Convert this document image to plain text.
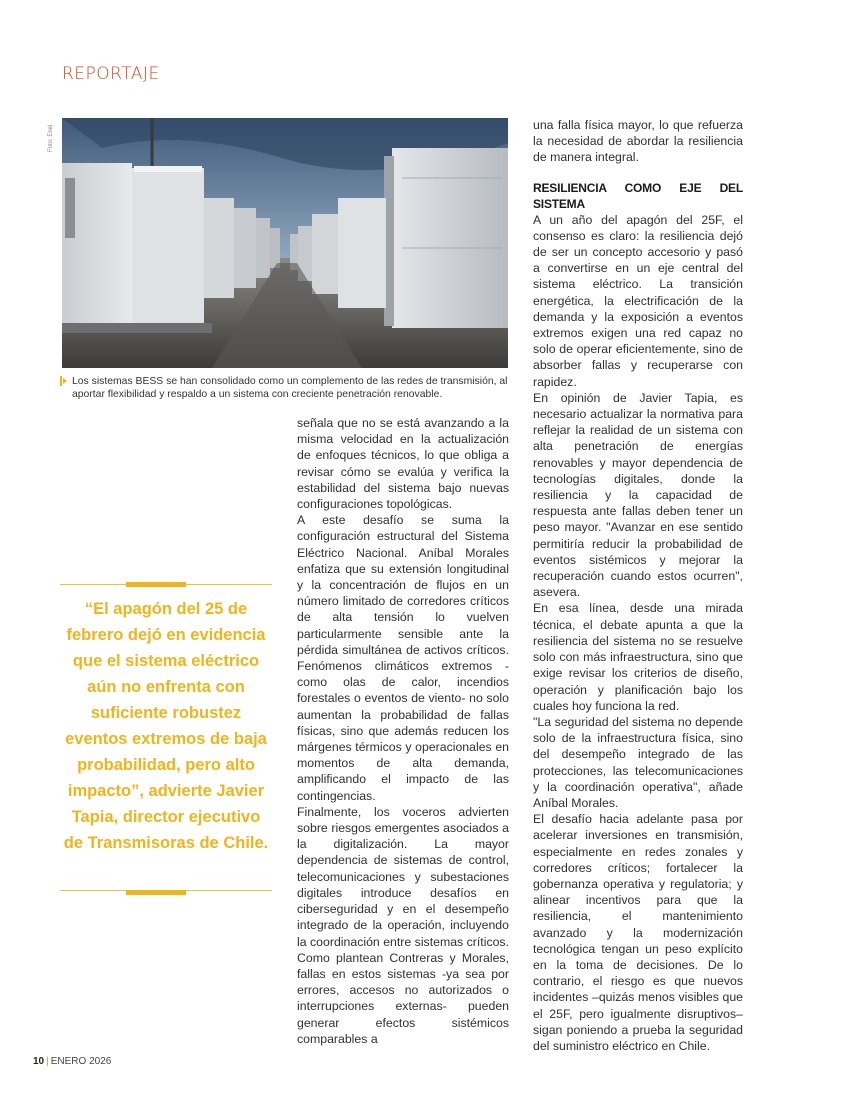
REPORTAJE
Foto: Enel
Los sistemas BESS se han consolidado como un complemento de las redes de transmisión, al aportar flexibilidad y respaldo a un sistema con creciente penetración renovable.
“El apagón del 25 de febrero dejó en evidencia que el sistema eléctrico aún no enfrenta con suficiente robustez eventos extremos de baja probabilidad, pero alto impacto”, advierte Javier Tapia, director ejecutivo de Transmisoras de Chile.

señala que no se está avanzando a la misma velocidad en la actualización de enfoques técnicos, lo que obliga a revisar cómo se evalúa y verifica la estabilidad del sistema bajo nuevas configuraciones topológicas.

A este desafío se suma la configuración estructural del Sistema Eléctrico Nacional. Aníbal Morales enfatiza que su extensión longitudinal y la concentración de flujos en un número limitado de corredores críticos de alta tensión lo vuelven particularmente sensible ante la pérdida simultánea de activos críticos. Fenómenos climáticos extremos -como olas de calor, incendios forestales o eventos de viento- no solo aumentan la probabilidad de fallas físicas, sino que además reducen los márgenes térmicos y operacionales en momentos de alta demanda, amplificando el impacto de las contingencias.

Finalmente, los voceros advierten sobre riesgos emergentes asociados a la digitalización. La mayor dependencia de sistemas de control, telecomunicaciones y subestaciones digitales introduce desafíos en ciberseguridad y en el desempeño integrado de la operación, incluyendo la coordinación entre sistemas críticos. Como plantean Contreras y Morales, fallas en estos sistemas -ya sea por errores, accesos no autorizados o interrupciones externas- pueden generar efectos sistémicos comparables a

una falla física mayor, lo que refuerza la necesidad de abordar la resiliencia de manera integral.

RESILIENCIA COMO EJE DEL SISTEMA

A un año del apagón del 25F, el consenso es claro: la resiliencia dejó de ser un concepto accesorio y pasó a convertirse en un eje central del sistema eléctrico. La transición energética, la electrificación de la demanda y la exposición a eventos extremos exigen una red capaz no solo de operar eficientemente, sino de absorber fallas y recuperarse con rapidez.

En opinión de Javier Tapia, es necesario actualizar la normativa para reflejar la realidad de un sistema con alta penetración de energías renovables y mayor dependencia de tecnologías digitales, donde la resiliencia y la capacidad de respuesta ante fallas deben tener un peso mayor. "Avanzar en ese sentido permitiría reducir la probabilidad de eventos sistémicos y mejorar la recuperación cuando estos ocurren", asevera.

En esa línea, desde una mirada técnica, el debate apunta a que la resiliencia del sistema no se resuelve solo con más infraestructura, sino que exige revisar los criterios de diseño, operación y planificación bajo los cuales hoy funciona la red.

"La seguridad del sistema no depende solo de la infraestructura física, sino del desempeño integrado de las protecciones, las telecomunicaciones y la coordinación operativa", añade Aníbal Morales.

El desafío hacia adelante pasa por acelerar inversiones en transmisión, especialmente en redes zonales y corredores críticos; fortalecer la gobernanza operativa y regulatoria; y alinear incentivos para que la resiliencia, el mantenimiento avanzado y la modernización tecnológica tengan un peso explícito en la toma de decisiones. De lo contrario, el riesgo es que nuevos incidentes –quizás menos visibles que el 25F, pero igualmente disruptivos– sigan poniendo a prueba la seguridad del suministro eléctrico en Chile.

10 | ENERO 2026
